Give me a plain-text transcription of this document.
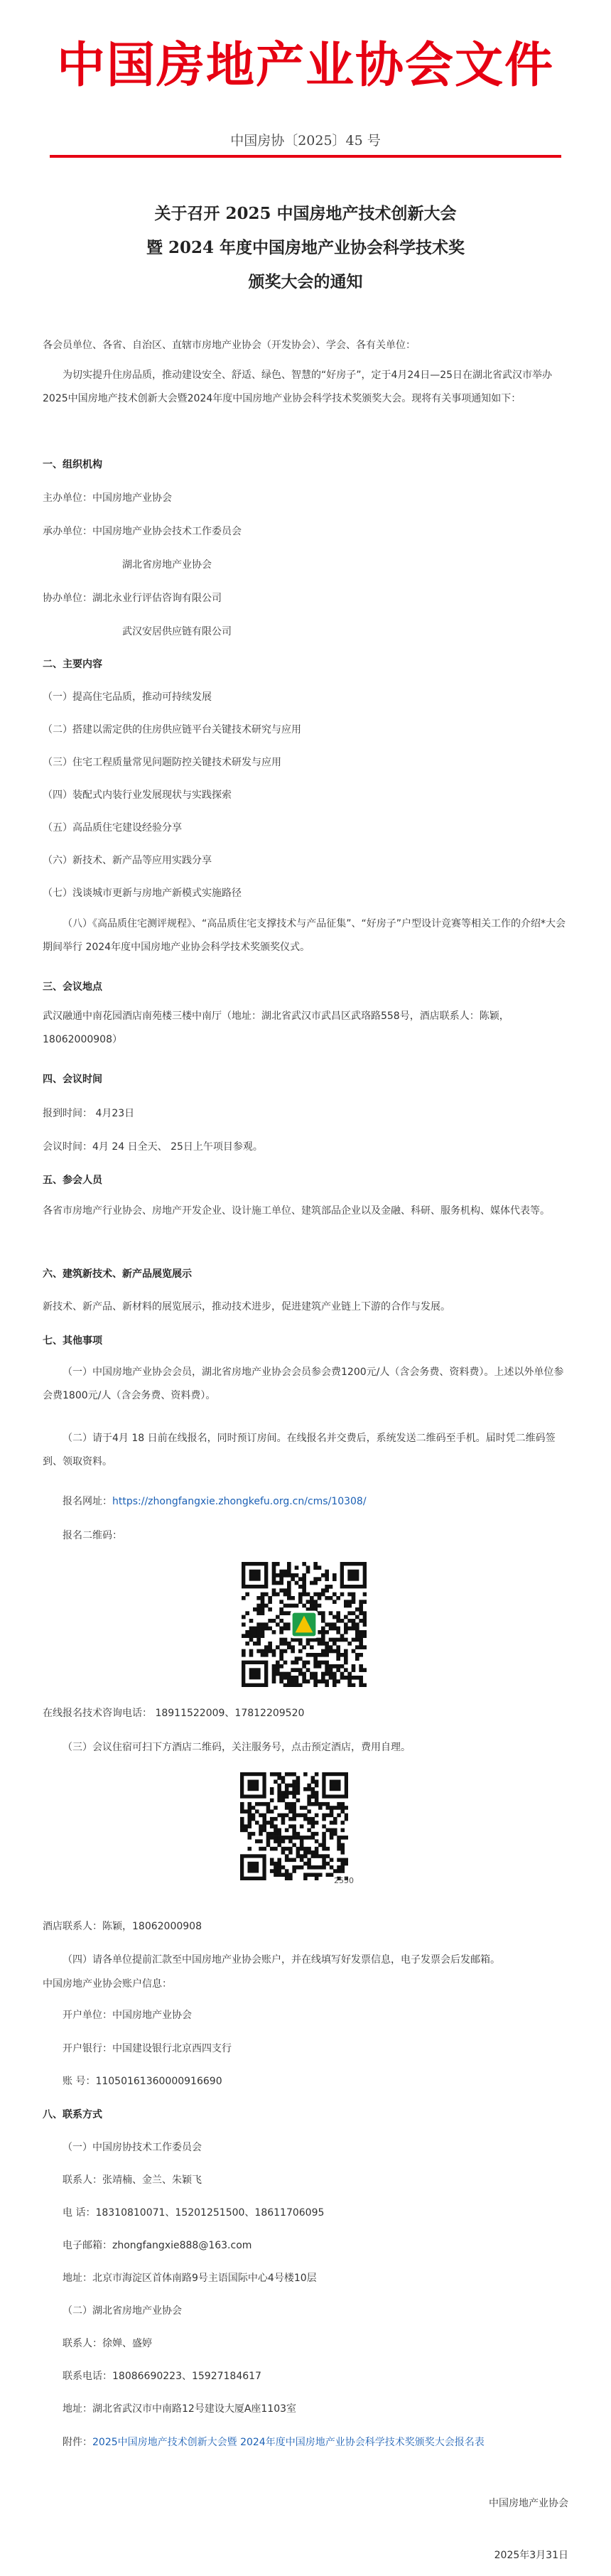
中国房地产业协会文件
中国房协〔2025〕45 号
关于召开 2025 中国房地产技术创新大会
暨 2024 年度中国房地产业协会科学技术奖
颁奖大会的通知
各会员单位、各省、自治区、直辖市房地产业协会（开发协会）、学会、各有关单位：
为切实提升住房品质，推动建设安全、舒适、绿色、智慧的“好房子”，定于4月24日—25日在湖北省武汉市举办2025中国房地产技术创新大会暨2024年度中国房地产业协会科学技术奖颁奖大会。现将有关事项通知如下：
一、组织机构
主办单位：中国房地产业协会
承办单位：中国房地产业协会技术工作委员会
湖北省房地产业协会
协办单位：湖北永业行评估咨询有限公司
武汉安居供应链有限公司
二、主要内容
（一）提高住宅品质，推动可持续发展
（二）搭建以需定供的住房供应链平台关键技术研究与应用
（三）住宅工程质量常见问题防控关键技术研发与应用
（四）装配式内装行业发展现状与实践探索
（五）高品质住宅建设经验分享
（六）新技术、新产品等应用实践分享
（七）浅谈城市更新与房地产新模式实施路径
（八）《高品质住宅测评规程》、“高品质住宅支撑技术与产品征集”、“好房子”户型设计竞赛等相关工作的介绍*大会期间举行 2024年度中国房地产业协会科学技术奖颁奖仪式。
三、会议地点
武汉融通中南花园酒店南苑楼三楼中南厅（地址：湖北省武汉市武昌区武珞路558号，酒店联系人：陈颖，18062000908）
四、会议时间
报到时间： 4月23日
会议时间：4月 24 日全天、 25日上午项目参观。
五、参会人员
各省市房地产行业协会、房地产开发企业、设计施工单位、建筑部品企业以及金融、科研、服务机构、媒体代表等。
六、建筑新技术、新产品展览展示
新技术、新产品、新材料的展览展示，推动技术进步，促进建筑产业链上下游的合作与发展。
七、其他事项
（一）中国房地产业协会会员，湖北省房地产业协会会员参会费1200元/人（含会务费、资料费）。上述以外单位参会费1800元/人（含会务费、资料费）。
（二）请于4月 18 日前在线报名，同时预订房间。在线报名并交费后，系统发送二维码至手机。届时凭二维码签到、领取资料。
报名网址：https://zhongfangxie.zhongkefu.org.cn/cms/10308/
报名二维码：
在线报名技术咨询电话： 18911522009、17812209520
（三）会议住宿可扫下方酒店二维码，关注服务号，点击预定酒店，费用自理。
2550
酒店联系人：陈颖，18062000908
（四）请各单位提前汇款至中国房地产业协会账户，并在线填写好发票信息，电子发票会后发邮箱。
中国房地产业协会账户信息：
开户单位：中国房地产业协会
开户银行：中国建设银行北京西四支行
账 号：11050161360000916690
八、联系方式
（一）中国房协技术工作委员会
联系人：张靖楠、金兰、朱颖飞
电 话：18310810071、15201251500、18611706095
电子邮箱：zhongfangxie888@163.com
地址：北京市海淀区首体南路9号主语国际中心4号楼10层
（二）湖北省房地产业协会
联系人：徐婵、盛婷
联系电话：18086690223、15927184617
地址：湖北省武汉市中南路12号建设大厦A座1103室
附件：2025中国房地产技术创新大会暨 2024年度中国房地产业协会科学技术奖颁奖大会报名表
中国房地产业协会
2025年3月31日
